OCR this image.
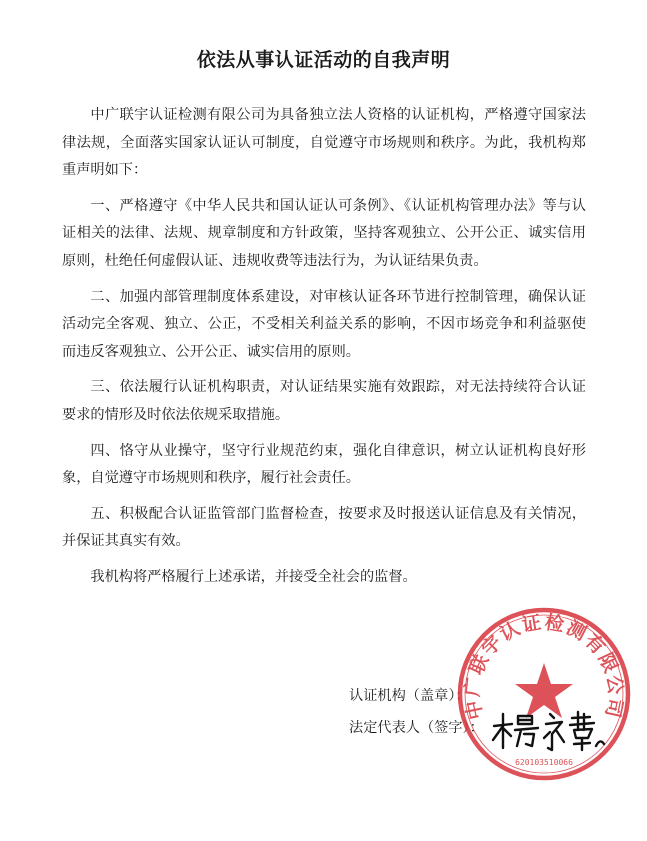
依法从事认证活动的自我声明

中广联宇认证检测有限公司为具备独立法人资格的认证机构，严格遵守国家法律法规，全面落实国家认证认可制度，自觉遵守市场规则和秩序。为此，我机构郑重声明如下：

一、严格遵守《中华人民共和国认证认可条例》、《认证机构管理办法》等与认证相关的法律、法规、规章制度和方针政策，坚持客观独立、公开公正、诚实信用原则，杜绝任何虚假认证、违规收费等违法行为，为认证结果负责。

二、加强内部管理制度体系建设，对审核认证各环节进行控制管理，确保认证活动完全客观、独立、公正，不受相关利益关系的影响，不因市场竞争和利益驱使而违反客观独立、公开公正、诚实信用的原则。

三、依法履行认证机构职责，对认证结果实施有效跟踪，对无法持续符合认证要求的情形及时依法依规采取措施。

四、恪守从业操守，坚守行业规范约束，强化自律意识，树立认证机构良好形象，自觉遵守市场规则和秩序，履行社会责任。

五、积极配合认证监管部门监督检查，按要求及时报送认证信息及有关情况，并保证其真实有效。

我机构将严格履行上述承诺，并接受全社会的监督。

认证机构（盖章）：
法定代表人（签字）：
中广联宇认证检测有限公司
620103510066
